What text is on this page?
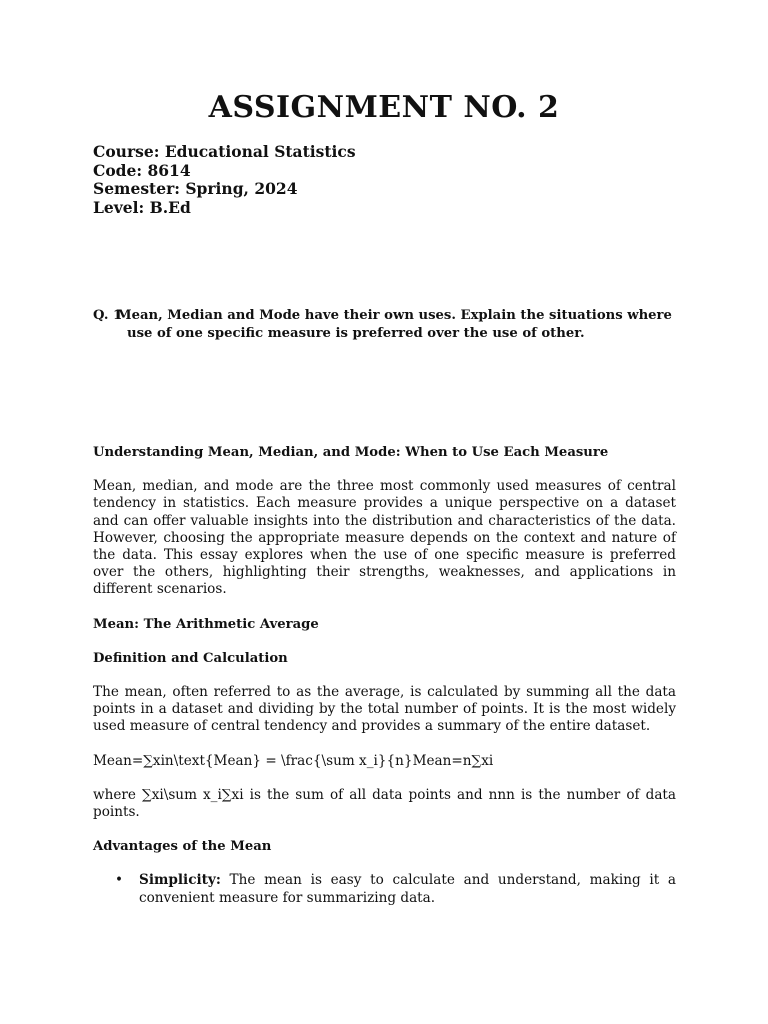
ASSIGNMENT NO. 2
Course: Educational Statistics
Code: 8614
Semester: Spring, 2024
Level: B.Ed
Q. 1

Mean, Median and Mode have their own uses. Explain the situations where use of one specific measure is preferred over the use of other.

Understanding Mean, Median, and Mode: When to Use Each Measure

Mean, median, and mode are the three most commonly used measures of central tendency in statistics. Each measure provides a unique perspective on a dataset and can offer valuable insights into the distribution and characteristics of the data. However, choosing the appropriate measure depends on the context and nature of the data. This essay explores when the use of one specific measure is preferred over the others, highlighting their strengths, weaknesses, and applications in different scenarios.

Mean: The Arithmetic Average

Definition and Calculation

The mean, often referred to as the average, is calculated by summing all the data points in a dataset and dividing by the total number of points. It is the most widely used measure of central tendency and provides a summary of the entire dataset.

Mean=∑xin\text{Mean} = \frac{\sum x_i}{n}Mean=n∑xi

where ∑xi\sum x_i∑xi is the sum of all data points and nnn is the number of data points.

Advantages of the Mean

• Simplicity: The mean is easy to calculate and understand, making it a convenient measure for summarizing data.
